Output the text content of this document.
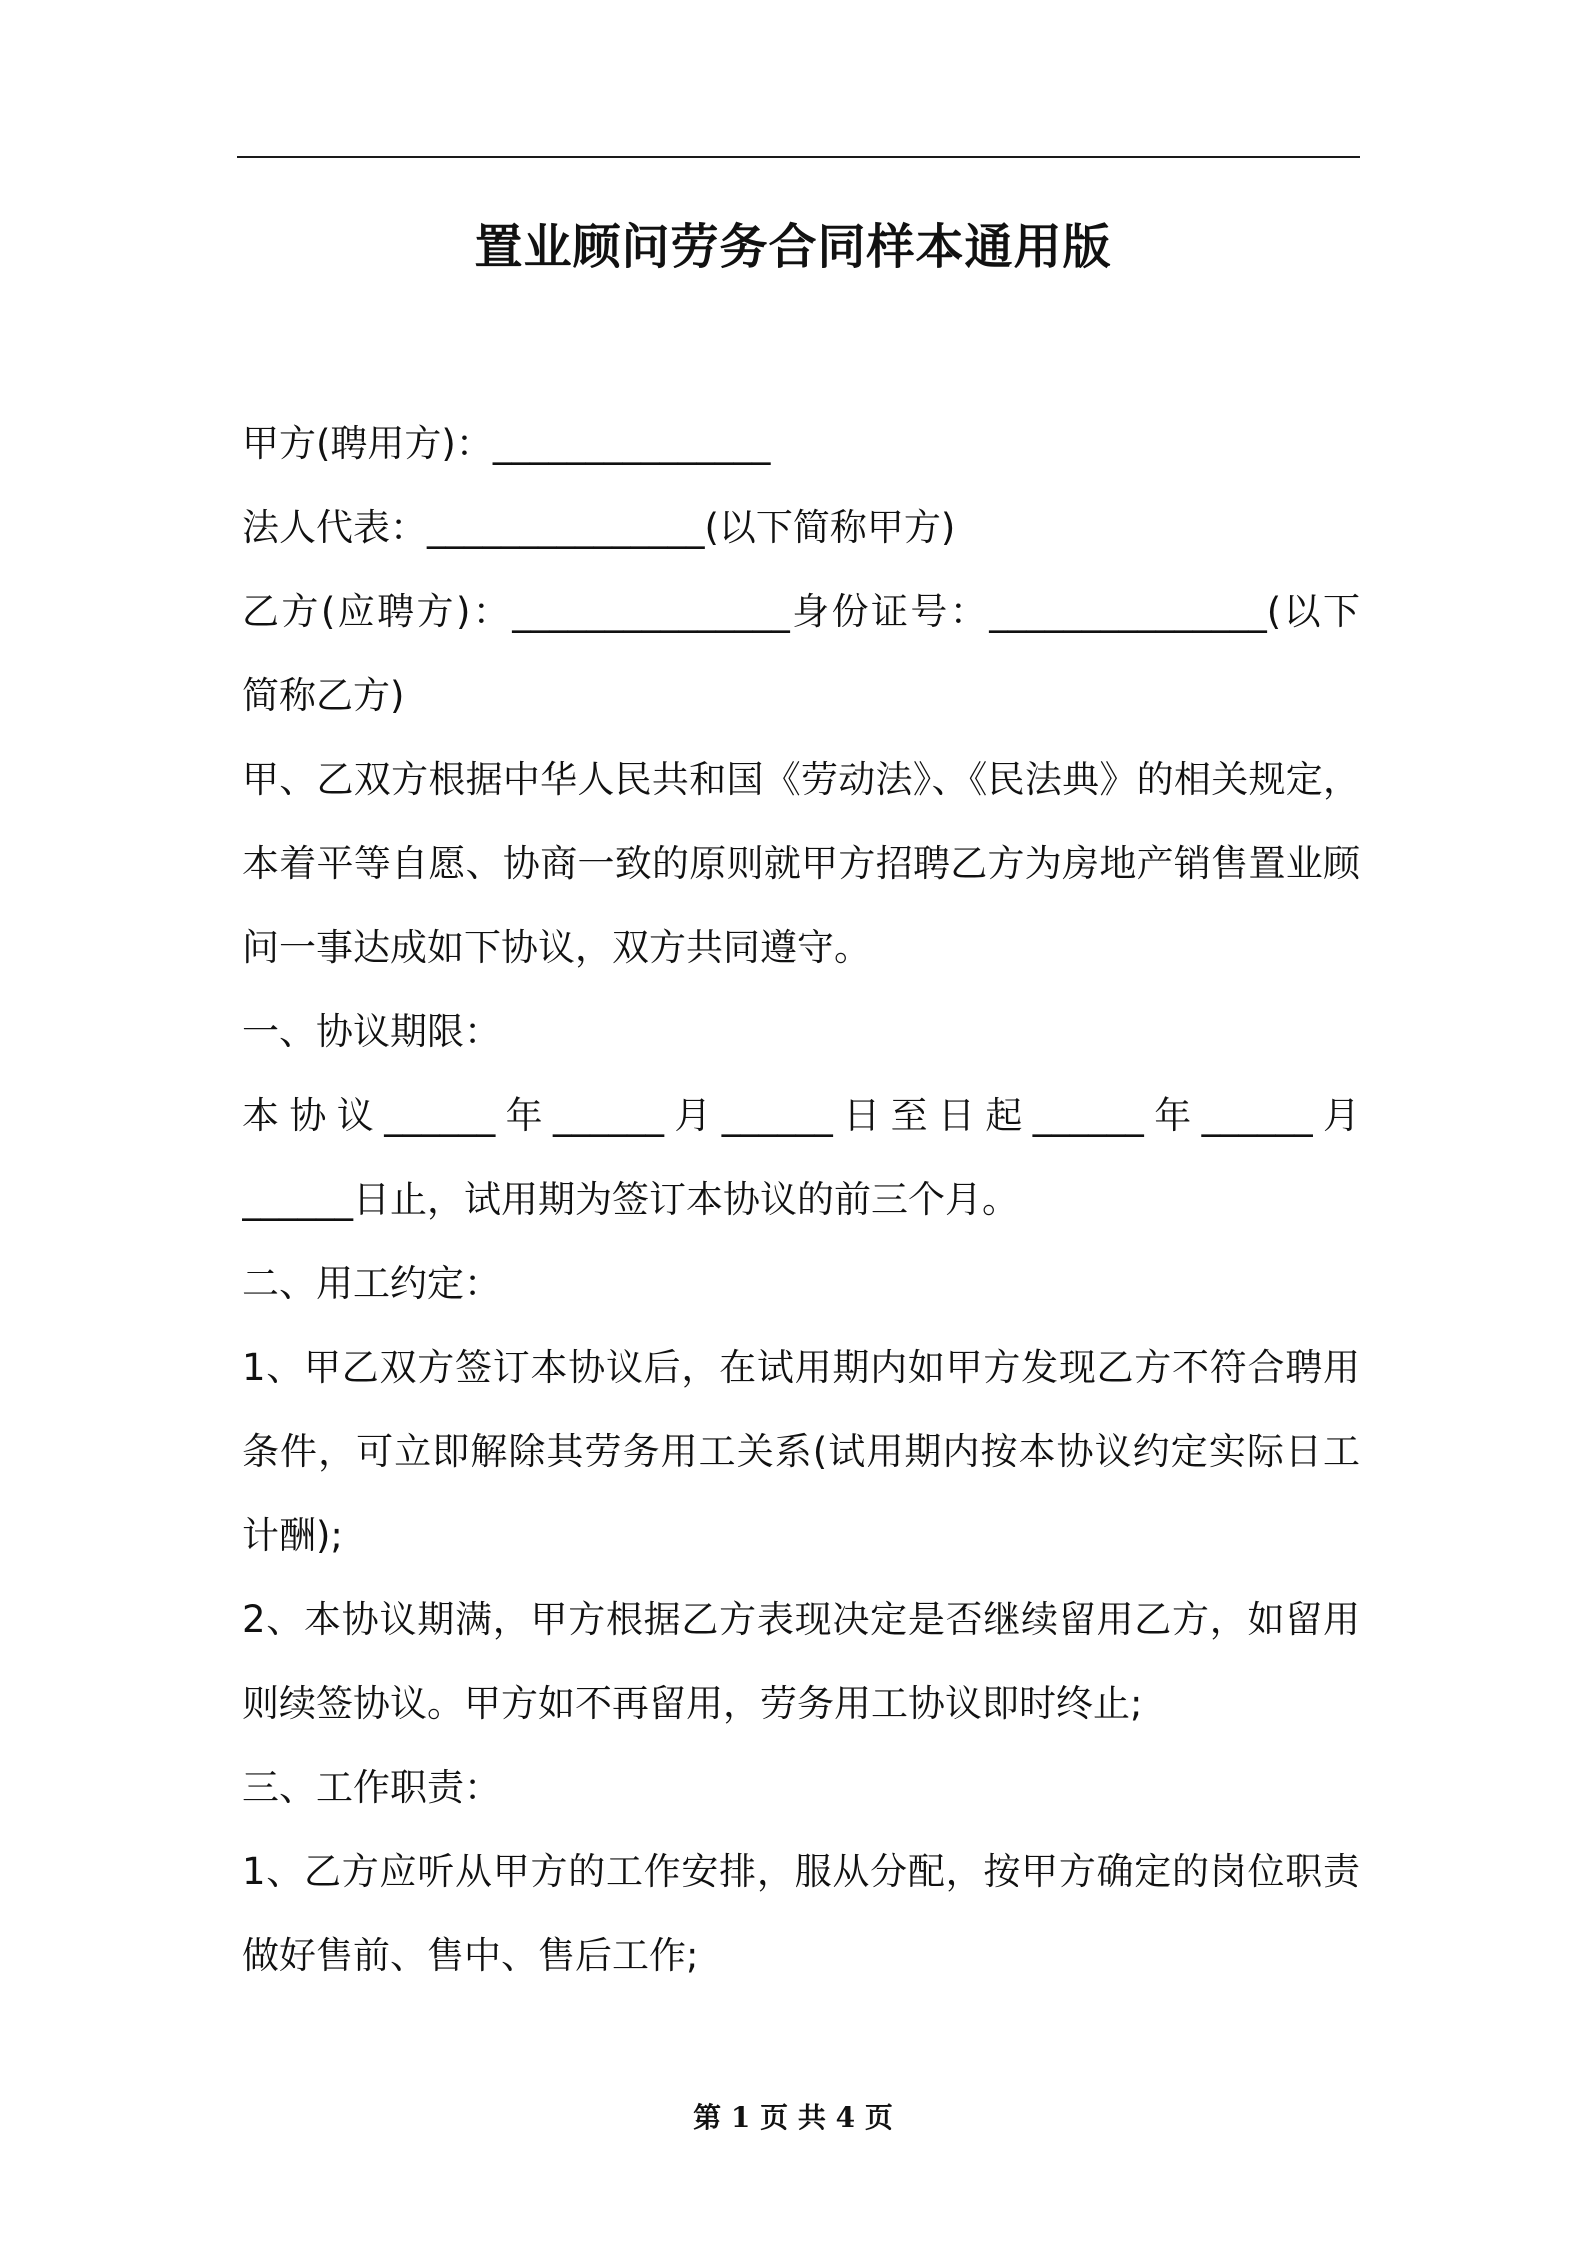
置业顾问劳务合同样本通用版
甲方(聘用方)：_______________
法人代表：_______________(以下简称甲方)
乙方(应聘方)：_______________身份证号：_______________(以下
简称乙方)
甲、乙双方根据中华人民共和国《劳动法》、《民法典》的相关规定，
本着平等自愿、协商一致的原则就甲方招聘乙方为房地产销售置业顾
问一事达成如下协议，双方共同遵守。
一、协议期限：
本协议______年______月______日至日起______年______月
______日止，试用期为签订本协议的前三个月。
二、用工约定：
1、甲乙双方签订本协议后，在试用期内如甲方发现乙方不符合聘用
条件，可立即解除其劳务用工关系(试用期内按本协议约定实际日工
计酬);
2、本协议期满，甲方根据乙方表现决定是否继续留用乙方，如留用
则续签协议。甲方如不再留用，劳务用工协议即时终止;
三、工作职责：
1、乙方应听从甲方的工作安排，服从分配，按甲方确定的岗位职责
做好售前、售中、售后工作;
第 1 页 共 4 页
